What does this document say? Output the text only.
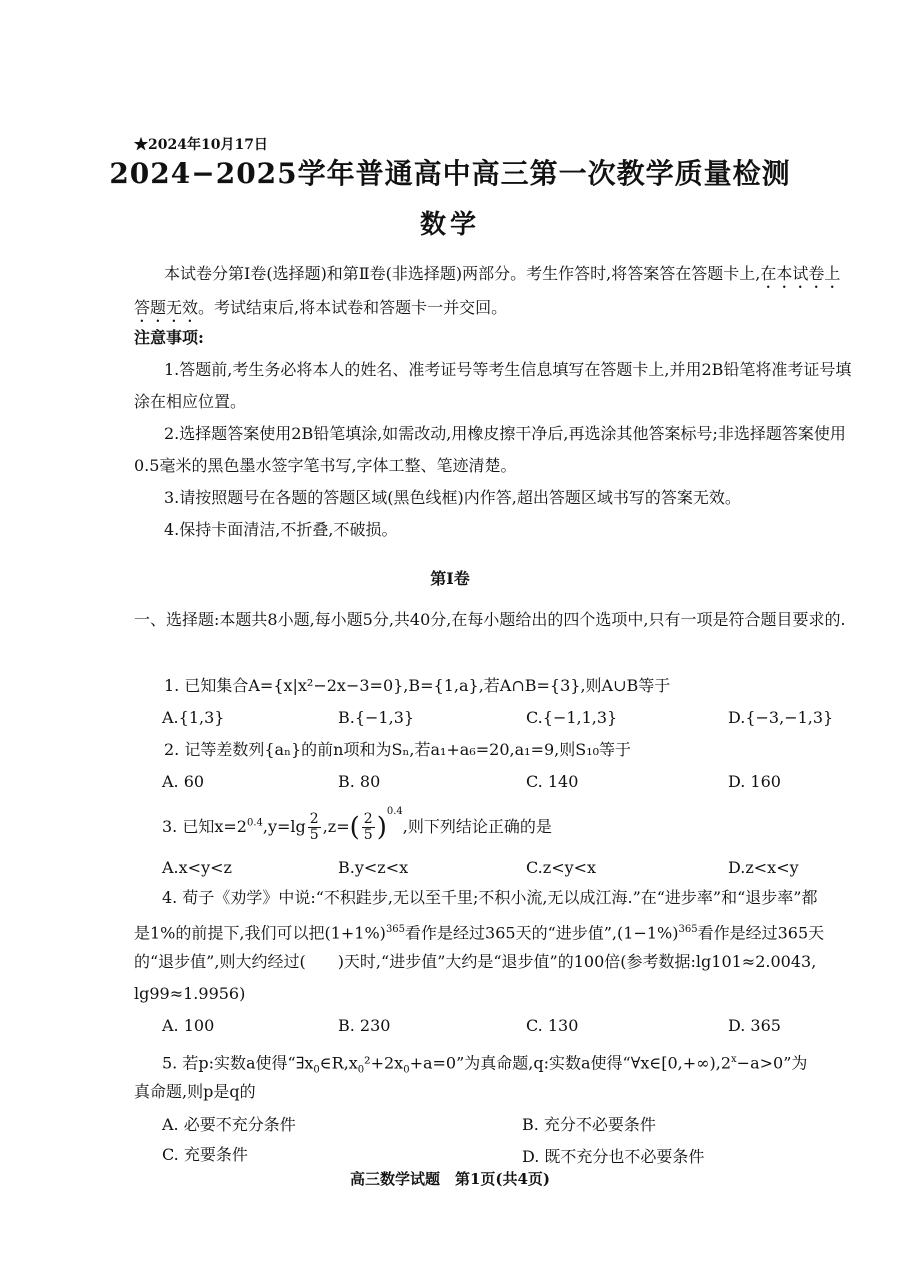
★2024年10月17日
2024−2025学年普通高中高三第一次教学质量检测
数学
本试卷分第Ⅰ卷(选择题)和第Ⅱ卷(非选择题)两部分。考生作答时,将答案答在答题卡上,在本试卷上答题无效。考试结束后,将本试卷和答题卡一并交回。
注意事项:
1.答题前,考生务必将本人的姓名、准考证号等考生信息填写在答题卡上,并用2B铅笔将准考证号填涂在相应位置。
2.选择题答案使用2B铅笔填涂,如需改动,用橡皮擦干净后,再选涂其他答案标号;非选择题答案使用0.5毫米的黑色墨水签字笔书写,字体工整、笔迹清楚。
3.请按照题号在各题的答题区域(黑色线框)内作答,超出答题区域书写的答案无效。
4.保持卡面清洁,不折叠,不破损。
第Ⅰ卷
一、选择题:本题共8小题,每小题5分,共40分,在每小题给出的四个选项中,只有一项是符合题目要求的.
1. 已知集合A={x|x²−2x−3=0},B={1,a},若A∩B={3},则A∪B等于
A.{1,3}	B.{−1,3}	C.{−1,1,3}	D.{−3,−1,3}
2. 记等差数列{aₙ}的前n项和为Sₙ,若a₁+a₆=20,a₁=9,则S₁₀等于
A. 60	B. 80	C. 140	D. 160
3. 已知$x=2^{0.4},y=\lg \frac{2}{5} ,z=( \frac{2}{5} )^{0.4}$,则下列结论正确的是
A.x<y<z	B.y<z<x	C.z<y<x	D.z<x<y
4. 荀子《劝学》中说:“不积跬步,无以至千里;不积小流,无以成江海.”在“进步率”和“退步率”都
是1%的前提下,我们可以把$(1+1\%)^{365}$看作是经过365天的“进步值$”,(1-1\%)^{365}$看作是经过365天
的“退步值”,则大约经过(　　)天时,“进步值”大约是“退步值”的100倍(参考数据:lg101≈2.0043,
lg99≈1.9956)
A. 100	B. 230	C. 130	D. 365
5. 若p:实数a使得“$\exists x_0\in R,x_0^2+2x_0+a=0$”为真命题,q:实数a使得“$\forall x\in[0,+\infty),2^x-a>0$”为
真命题,则p是q的
A. 必要不充分条件	B. 充分不必要条件
C. 充要条件	D. 既不充分也不必要条件
高三数学试题　第1页(共4页)
